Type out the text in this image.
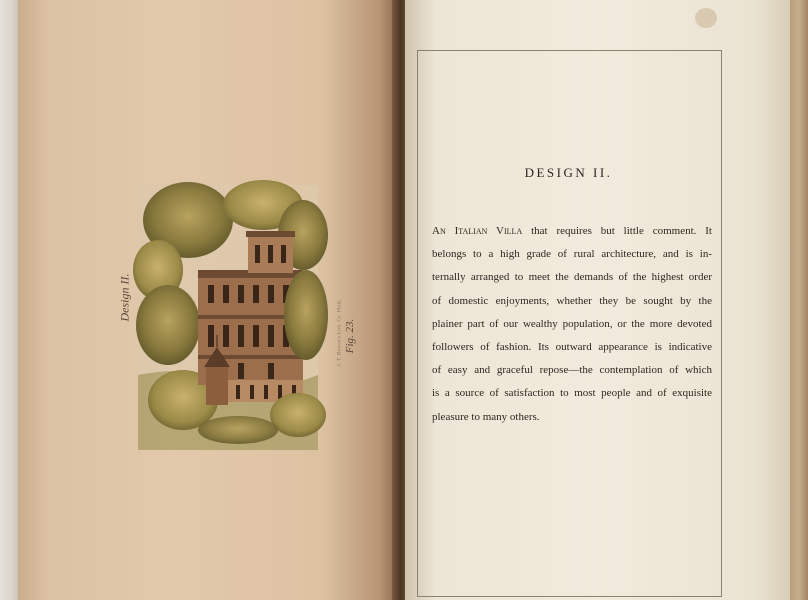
Design II.
J. T. Bowen's Lith. Co. Phila. Fig. 23.
DESIGN II.
An Italian Villa that requires but little comment. It
belongs to a high grade of rural architecture, and is in-
ternally arranged to meet the demands of the highest order
of domestic enjoyments, whether they be sought by the
plainer part of our wealthy population, or the more devoted
followers of fashion. Its outward appearance is indicative
of easy and graceful repose—the contemplation of which
is a source of satisfaction to most people and of exquisite
pleasure to many others.
